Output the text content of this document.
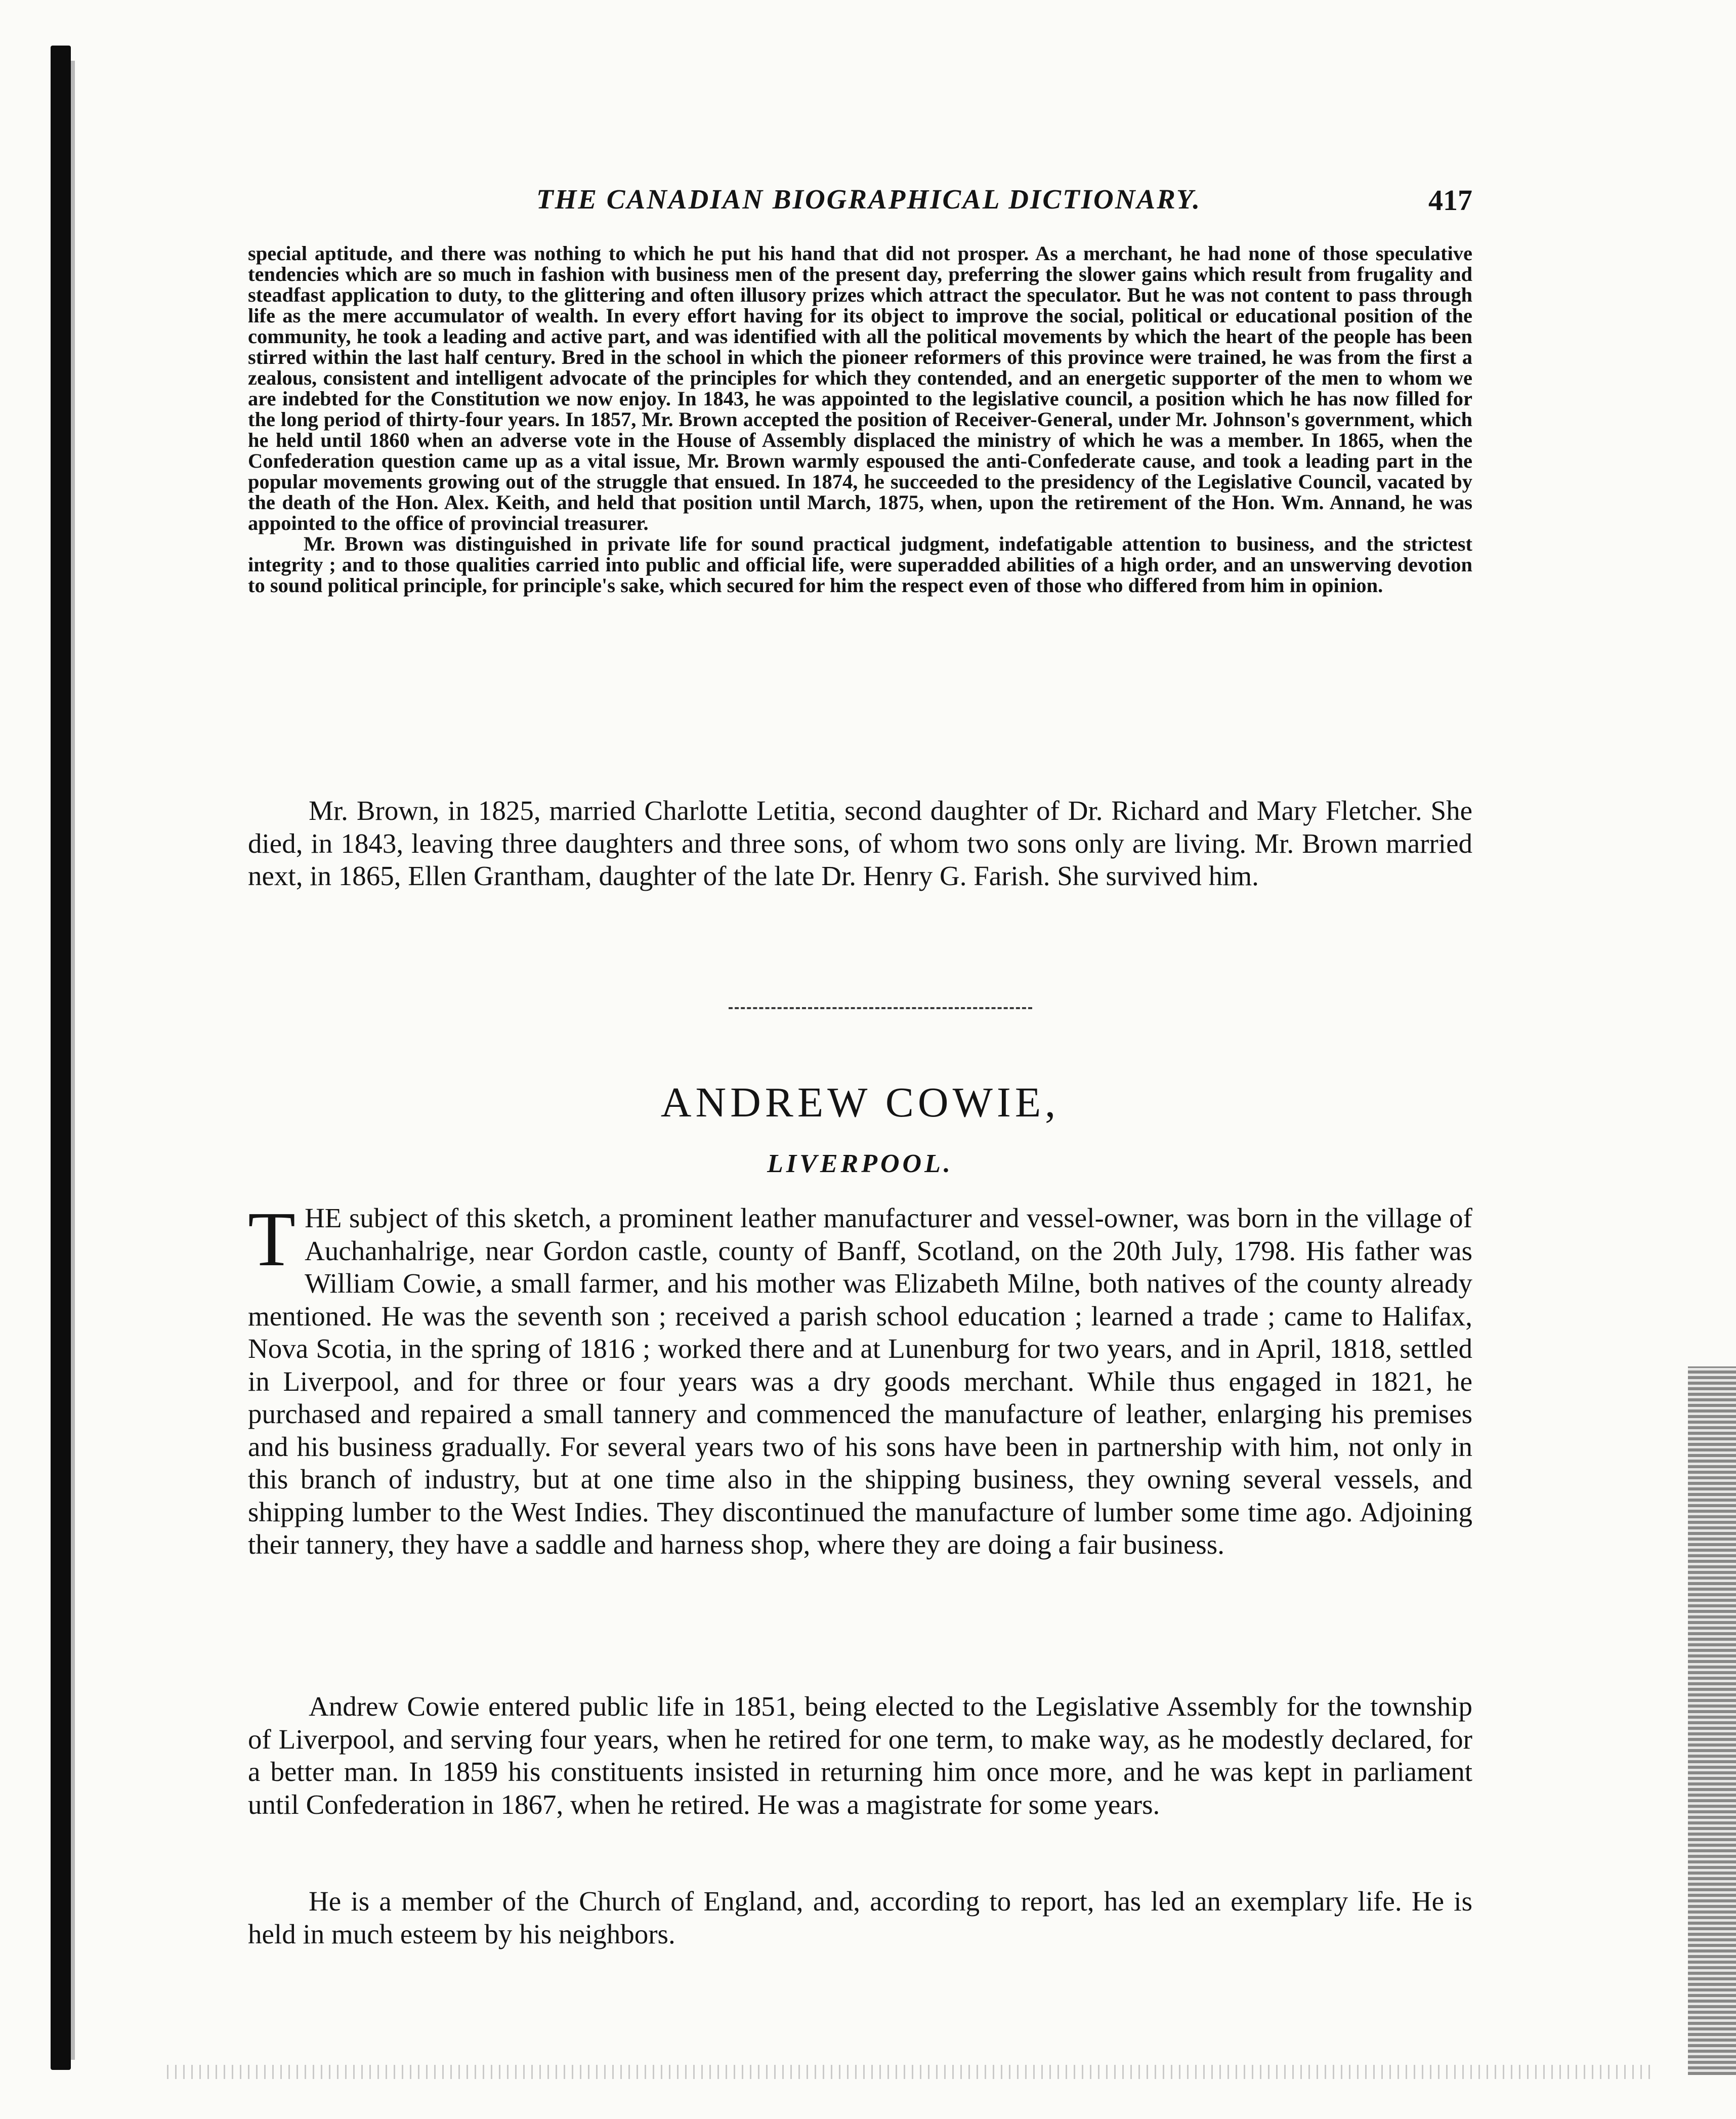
THE CANADIAN BIOGRAPHICAL DICTIONARY.	417

special aptitude, and there was nothing to which he put his hand that did not prosper. As a merchant, he had none of those speculative tendencies which are so much in fashion with business men of the present day, preferring the slower gains which result from frugality and steadfast application to duty, to the glittering and often illusory prizes which attract the speculator. But he was not content to pass through life as the mere accumulator of wealth. In every effort having for its object to improve the social, political or educational position of the community, he took a leading and active part, and was identified with all the political movements by which the heart of the people has been stirred within the last half century. Bred in the school in which the pioneer reformers of this province were trained, he was from the first a zealous, consistent and intelligent advocate of the principles for which they contended, and an energetic supporter of the men to whom we are indebted for the Constitution we now enjoy. In 1843, he was appointed to the legislative council, a position which he has now filled for the long period of thirty-four years. In 1857, Mr. Brown accepted the position of Receiver-General, under Mr. Johnson's government, which he held until 1860 when an adverse vote in the House of Assembly displaced the ministry of which he was a member. In 1865, when the Confederation question came up as a vital issue, Mr. Brown warmly espoused the anti-Confederate cause, and took a leading part in the popular movements growing out of the struggle that ensued. In 1874, he succeeded to the presidency of the Legislative Council, vacated by the death of the Hon. Alex. Keith, and held that position until March, 1875, when, upon the retirement of the Hon. Wm. Annand, he was appointed to the office of provincial treasurer.

Mr. Brown was distinguished in private life for sound practical judgment, indefatigable attention to business, and the strictest integrity ; and to those qualities carried into public and official life, were superadded abilities of a high order, and an unswerving devotion to sound political principle, for principle's sake, which secured for him the respect even of those who differed from him in opinion.

Mr. Brown, in 1825, married Charlotte Letitia, second daughter of Dr. Richard and Mary Fletcher. She died, in 1843, leaving three daughters and three sons, of whom two sons only are living. Mr. Brown married next, in 1865, Ellen Grantham, daughter of the late Dr. Henry G. Farish. She survived him.

ANDREW COWIE,
LIVERPOOL.

T HE subject of this sketch, a prominent leather manufacturer and vessel-owner, was born in the village of Auchanhalrige, near Gordon castle, county of Banff, Scotland, on the 20th July, 1798. His father was William Cowie, a small farmer, and his mother was Elizabeth Milne, both natives of the county already mentioned. He was the seventh son ; received a parish school education ; learned a trade ; came to Halifax, Nova Scotia, in the spring of 1816 ; worked there and at Lunenburg for two years, and in April, 1818, settled in Liverpool, and for three or four years was a dry goods merchant. While thus engaged in 1821, he purchased and repaired a small tannery and commenced the manufacture of leather, enlarging his premises and his business gradually. For several years two of his sons have been in partnership with him, not only in this branch of industry, but at one time also in the shipping business, they owning several vessels, and shipping lumber to the West Indies. They discontinued the manufacture of lumber some time ago. Adjoining their tannery, they have a saddle and harness shop, where they are doing a fair business.

Andrew Cowie entered public life in 1851, being elected to the Legislative Assembly for the township of Liverpool, and serving four years, when he retired for one term, to make way, as he modestly declared, for a better man. In 1859 his constituents insisted in returning him once more, and he was kept in parliament until Confederation in 1867, when he retired. He was a magistrate for some years.

He is a member of the Church of England, and, according to report, has led an exemplary life. He is held in much esteem by his neighbors.
